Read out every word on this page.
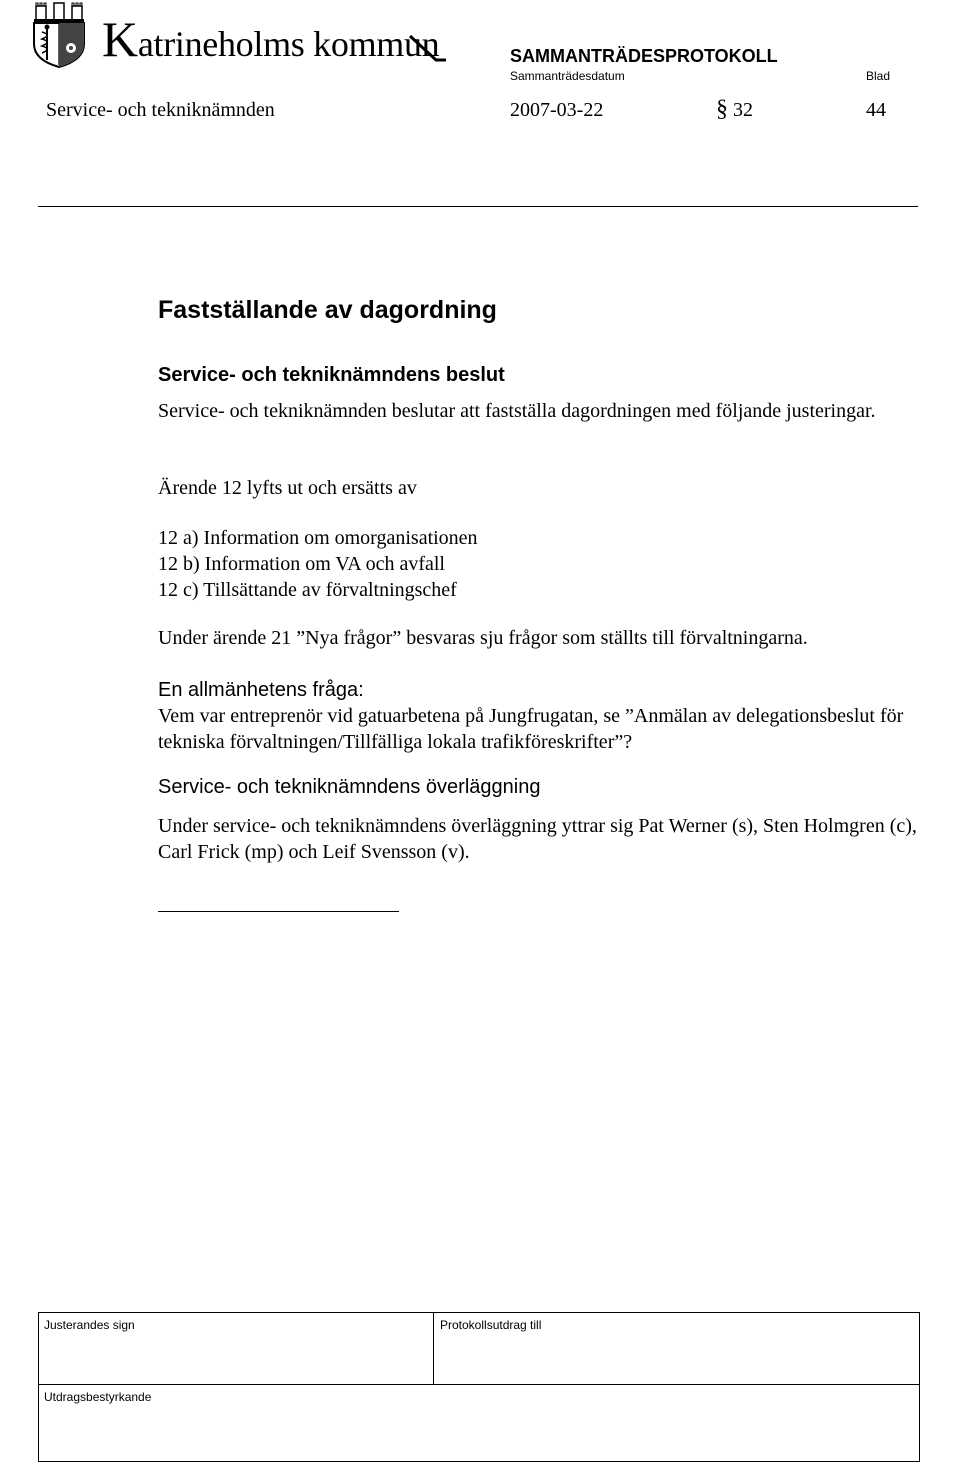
Katrineholms kommun	SAMMANTRÄDESPROTOKOLL
Sammanträdesdatum	Blad
Service- och tekniknämnden	2007-03-22	§ 32	44
Fastställande av dagordning
Service- och tekniknämndens beslut
Service- och tekniknämnden beslutar att fastställa dagordningen med följande justeringar.
Ärende 12 lyfts ut och ersätts av
12 a) Information om omorganisationen
12 b) Information om VA och avfall
12 c) Tillsättande av förvaltningschef
Under ärende 21 ”Nya frågor” besvaras sju frågor som ställts till förvaltningarna.
En allmänhetens fråga:
Vem var entreprenör vid gatuarbetena på Jungfrugatan, se ”Anmälan av delegationsbeslut för tekniska förvaltningen/Tillfälliga lokala trafikföreskrifter”?
Service- och tekniknämndens överläggning
Under service- och tekniknämndens överläggning yttrar sig Pat Werner (s), Sten Holmgren (c), Carl Frick (mp) och Leif Svensson (v).
Justerandes sign	Protokollsutdrag till
Utdragsbestyrkande
